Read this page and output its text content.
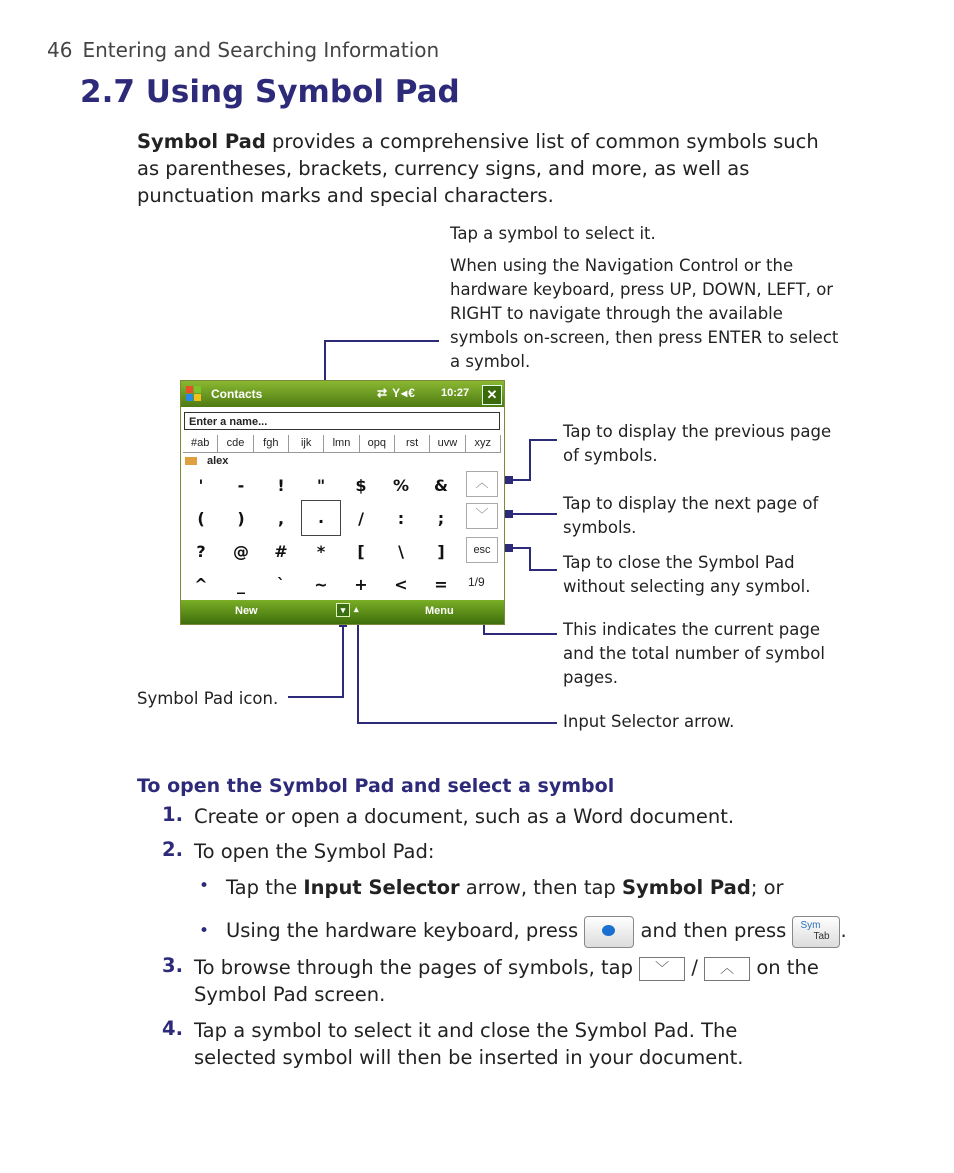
46 Entering and Searching Information
2.7 Using Symbol Pad
Symbol Pad provides a comprehensive list of common symbols such as parentheses, brackets, currency signs, and more, as well as punctuation marks and special characters.
Tap a symbol to select it.
When using the Navigation Control or the hardware keyboard, press UP, DOWN, LEFT, or RIGHT to navigate through the available symbols on-screen, then press ENTER to select a symbol.
Tap to display the previous page of symbols.
Tap to display the next page of symbols.
Tap to close the Symbol Pad without selecting any symbol.
This indicates the current page and the total number of symbol pages.
Symbol Pad icon.
Input Selector arrow.
Contacts	⇄ Y◂€ 10:27	✕
Enter a name...
#ab	cde	fgh	ijk	lmn	opq	rst	uvw	xyz
alex
'	-	!	"	$	%	&
(	)	,	.	/	:	;
?	@	#	*	[	\	]
^	_	`	~	+	<	=
︿
﹀
esc
1/9
New	▾ ▴	Menu
To open the Symbol Pad and select a symbol
1. Create or open a document, such as a Word document.
2. To open the Symbol Pad:
• Tap the Input Selector arrow, then tap Symbol Pad; or
• Using the hardware keyboard, press	and then press Sym
Tab .
3. To browse through the pages of symbols, tap ﹀ / ︿ on the Symbol Pad screen.
4. Tap a symbol to select it and close the Symbol Pad. The selected symbol will then be inserted in your document.
